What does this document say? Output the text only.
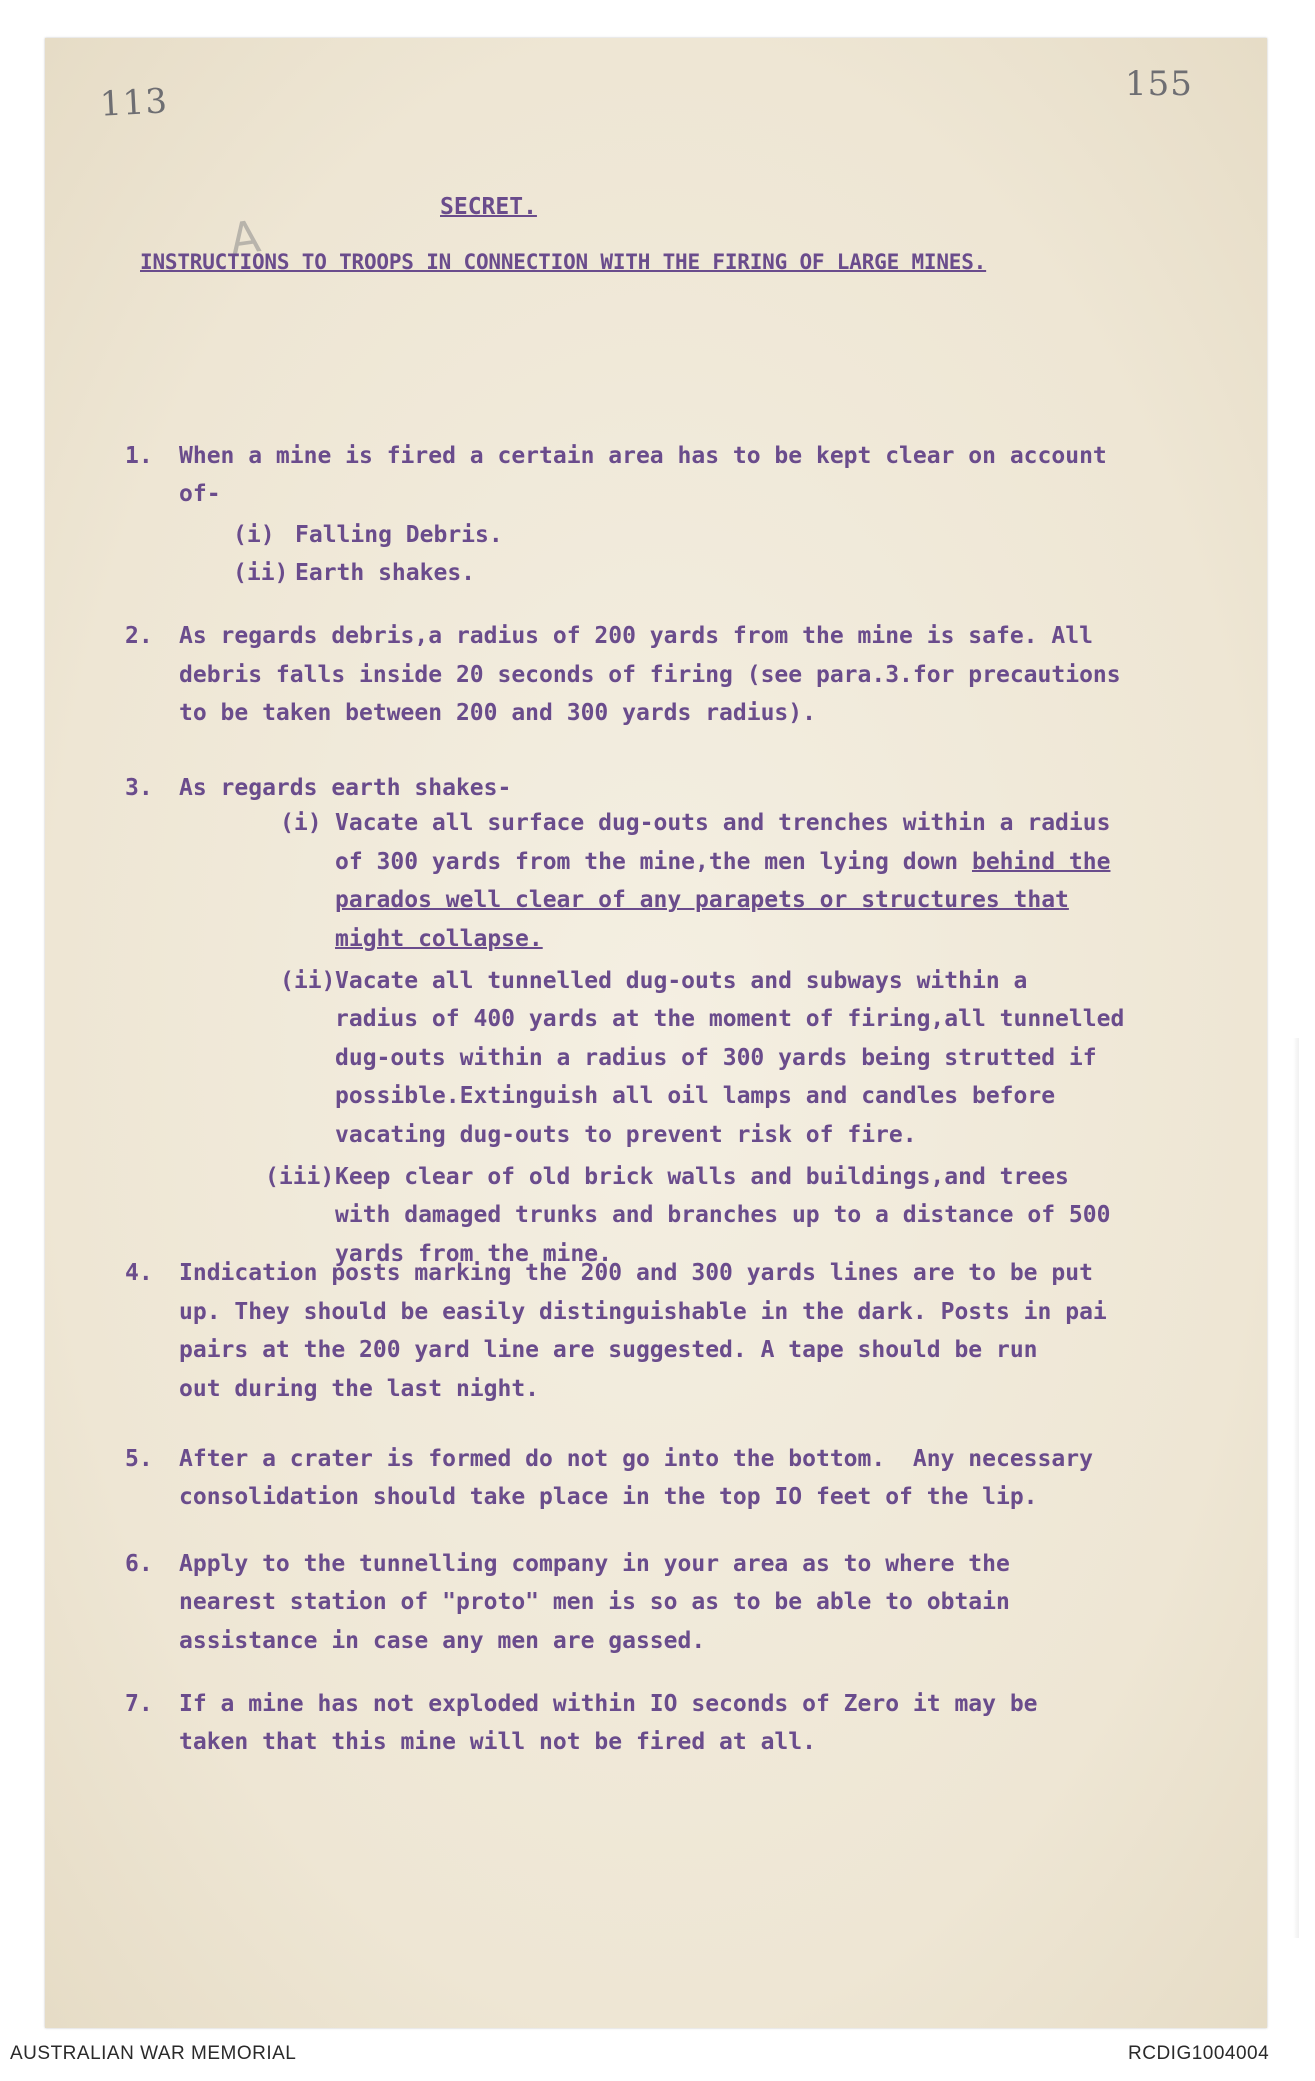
113	155
A
SECRET.
INSTRUCTIONS TO TROOPS IN CONNECTION WITH THE FIRING OF LARGE MINES.
1. When a mine is fired a certain area has to be kept clear on account
of-
(i) Falling Debris.
(ii) Earth shakes.
2. As regards debris,a radius of 200 yards from the mine is safe. All
debris falls inside 20 seconds of firing (see para.3.for precautions
to be taken between 200 and 300 yards radius).
3. As regards earth shakes-
(i) Vacate all surface dug-outs and trenches within a radius
of 300 yards from the mine,the men lying down behind the
parados well clear of any parapets or structures that
might collapse.
(ii) Vacate all tunnelled dug-outs and subways within a
radius of 400 yards at the moment of firing,all tunnelled
dug-outs within a radius of 300 yards being strutted if
possible.Extinguish all oil lamps and candles before
vacating dug-outs to prevent risk of fire.
(iii) Keep clear of old brick walls and buildings,and trees
with damaged trunks and branches up to a distance of 500
yards from the mine.
4. Indication posts marking the 200 and 300 yards lines are to be put
up. They should be easily distinguishable in the dark. Posts in pai
pairs at the 200 yard line are suggested. A tape should be run
out during the last night.
5. After a crater is formed do not go into the bottom.  Any necessary
consolidation should take place in the top IO feet of the lip.
6. Apply to the tunnelling company in your area as to where the
nearest station of "proto" men is so as to be able to obtain
assistance in case any men are gassed.
7. If a mine has not exploded within IO seconds of Zero it may be
taken that this mine will not be fired at all.
AUSTRALIAN WAR MEMORIAL	RCDIG1004004
